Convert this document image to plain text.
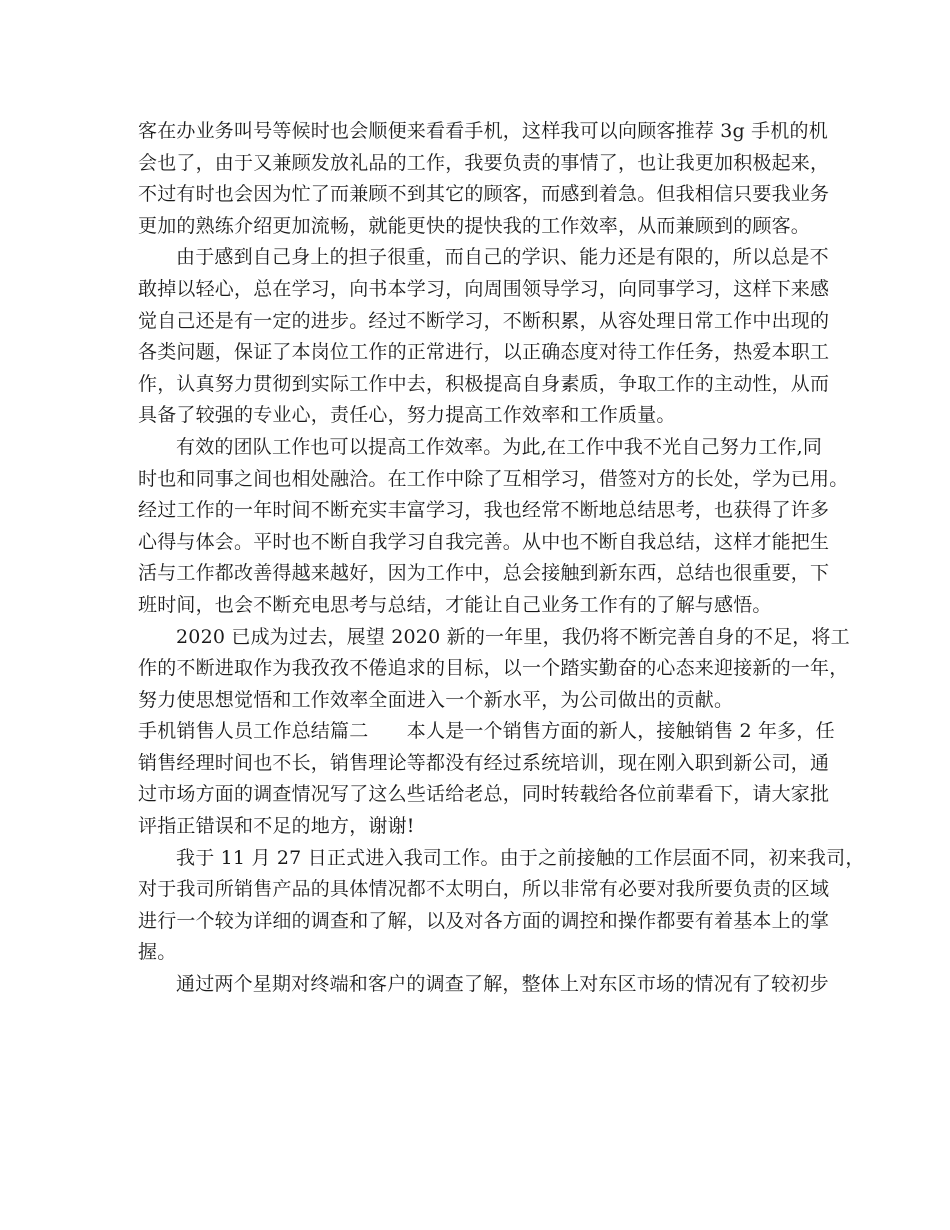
客在办业务叫号等候时也会顺便来看看手机，这样我可以向顾客推荐 3g 手机的机
会也了，由于又兼顾发放礼品的工作，我要负责的事情了，也让我更加积极起来，
不过有时也会因为忙了而兼顾不到其它的顾客，而感到着急。但我相信只要我业务
更加的熟练介绍更加流畅，就能更快的提快我的工作效率，从而兼顾到的顾客。
由于感到自己身上的担子很重，而自己的学识、能力还是有限的，所以总是不
敢掉以轻心，总在学习，向书本学习，向周围领导学习，向同事学习，这样下来感
觉自己还是有一定的进步。经过不断学习，不断积累，从容处理日常工作中出现的
各类问题，保证了本岗位工作的正常进行，以正确态度对待工作任务，热爱本职工
作，认真努力贯彻到实际工作中去，积极提高自身素质，争取工作的主动性，从而
具备了较强的专业心，责任心，努力提高工作效率和工作质量。
有效的团队工作也可以提高工作效率。为此,在工作中我不光自己努力工作,同
时也和同事之间也相处融洽。在工作中除了互相学习，借签对方的长处，学为已用。
经过工作的一年时间不断充实丰富学习，我也经常不断地总结思考，也获得了许多
心得与体会。平时也不断自我学习自我完善。从中也不断自我总结，这样才能把生
活与工作都改善得越来越好，因为工作中，总会接触到新东西，总结也很重要，下
班时间，也会不断充电思考与总结，才能让自己业务工作有的了解与感悟。
2020 已成为过去，展望 2020 新的一年里，我仍将不断完善自身的不足，将工
作的不断进取作为我孜孜不倦追求的目标，以一个踏实勤奋的心态来迎接新的一年，
努力使思想觉悟和工作效率全面进入一个新水平，为公司做出的贡献。
手机销售人员工作总结篇二　　本人是一个销售方面的新人，接触销售 2 年多，任
销售经理时间也不长，销售理论等都没有经过系统培训，现在刚入职到新公司，通
过市场方面的调查情况写了这么些话给老总，同时转载给各位前辈看下，请大家批
评指正错误和不足的地方，谢谢!
我于 11 月 27 日正式进入我司工作。由于之前接触的工作层面不同，初来我司，
对于我司所销售产品的具体情况都不太明白，所以非常有必要对我所要负责的区域
进行一个较为详细的调查和了解，以及对各方面的调控和操作都要有着基本上的掌
握。
通过两个星期对终端和客户的调查了解，整体上对东区市场的情况有了较初步
